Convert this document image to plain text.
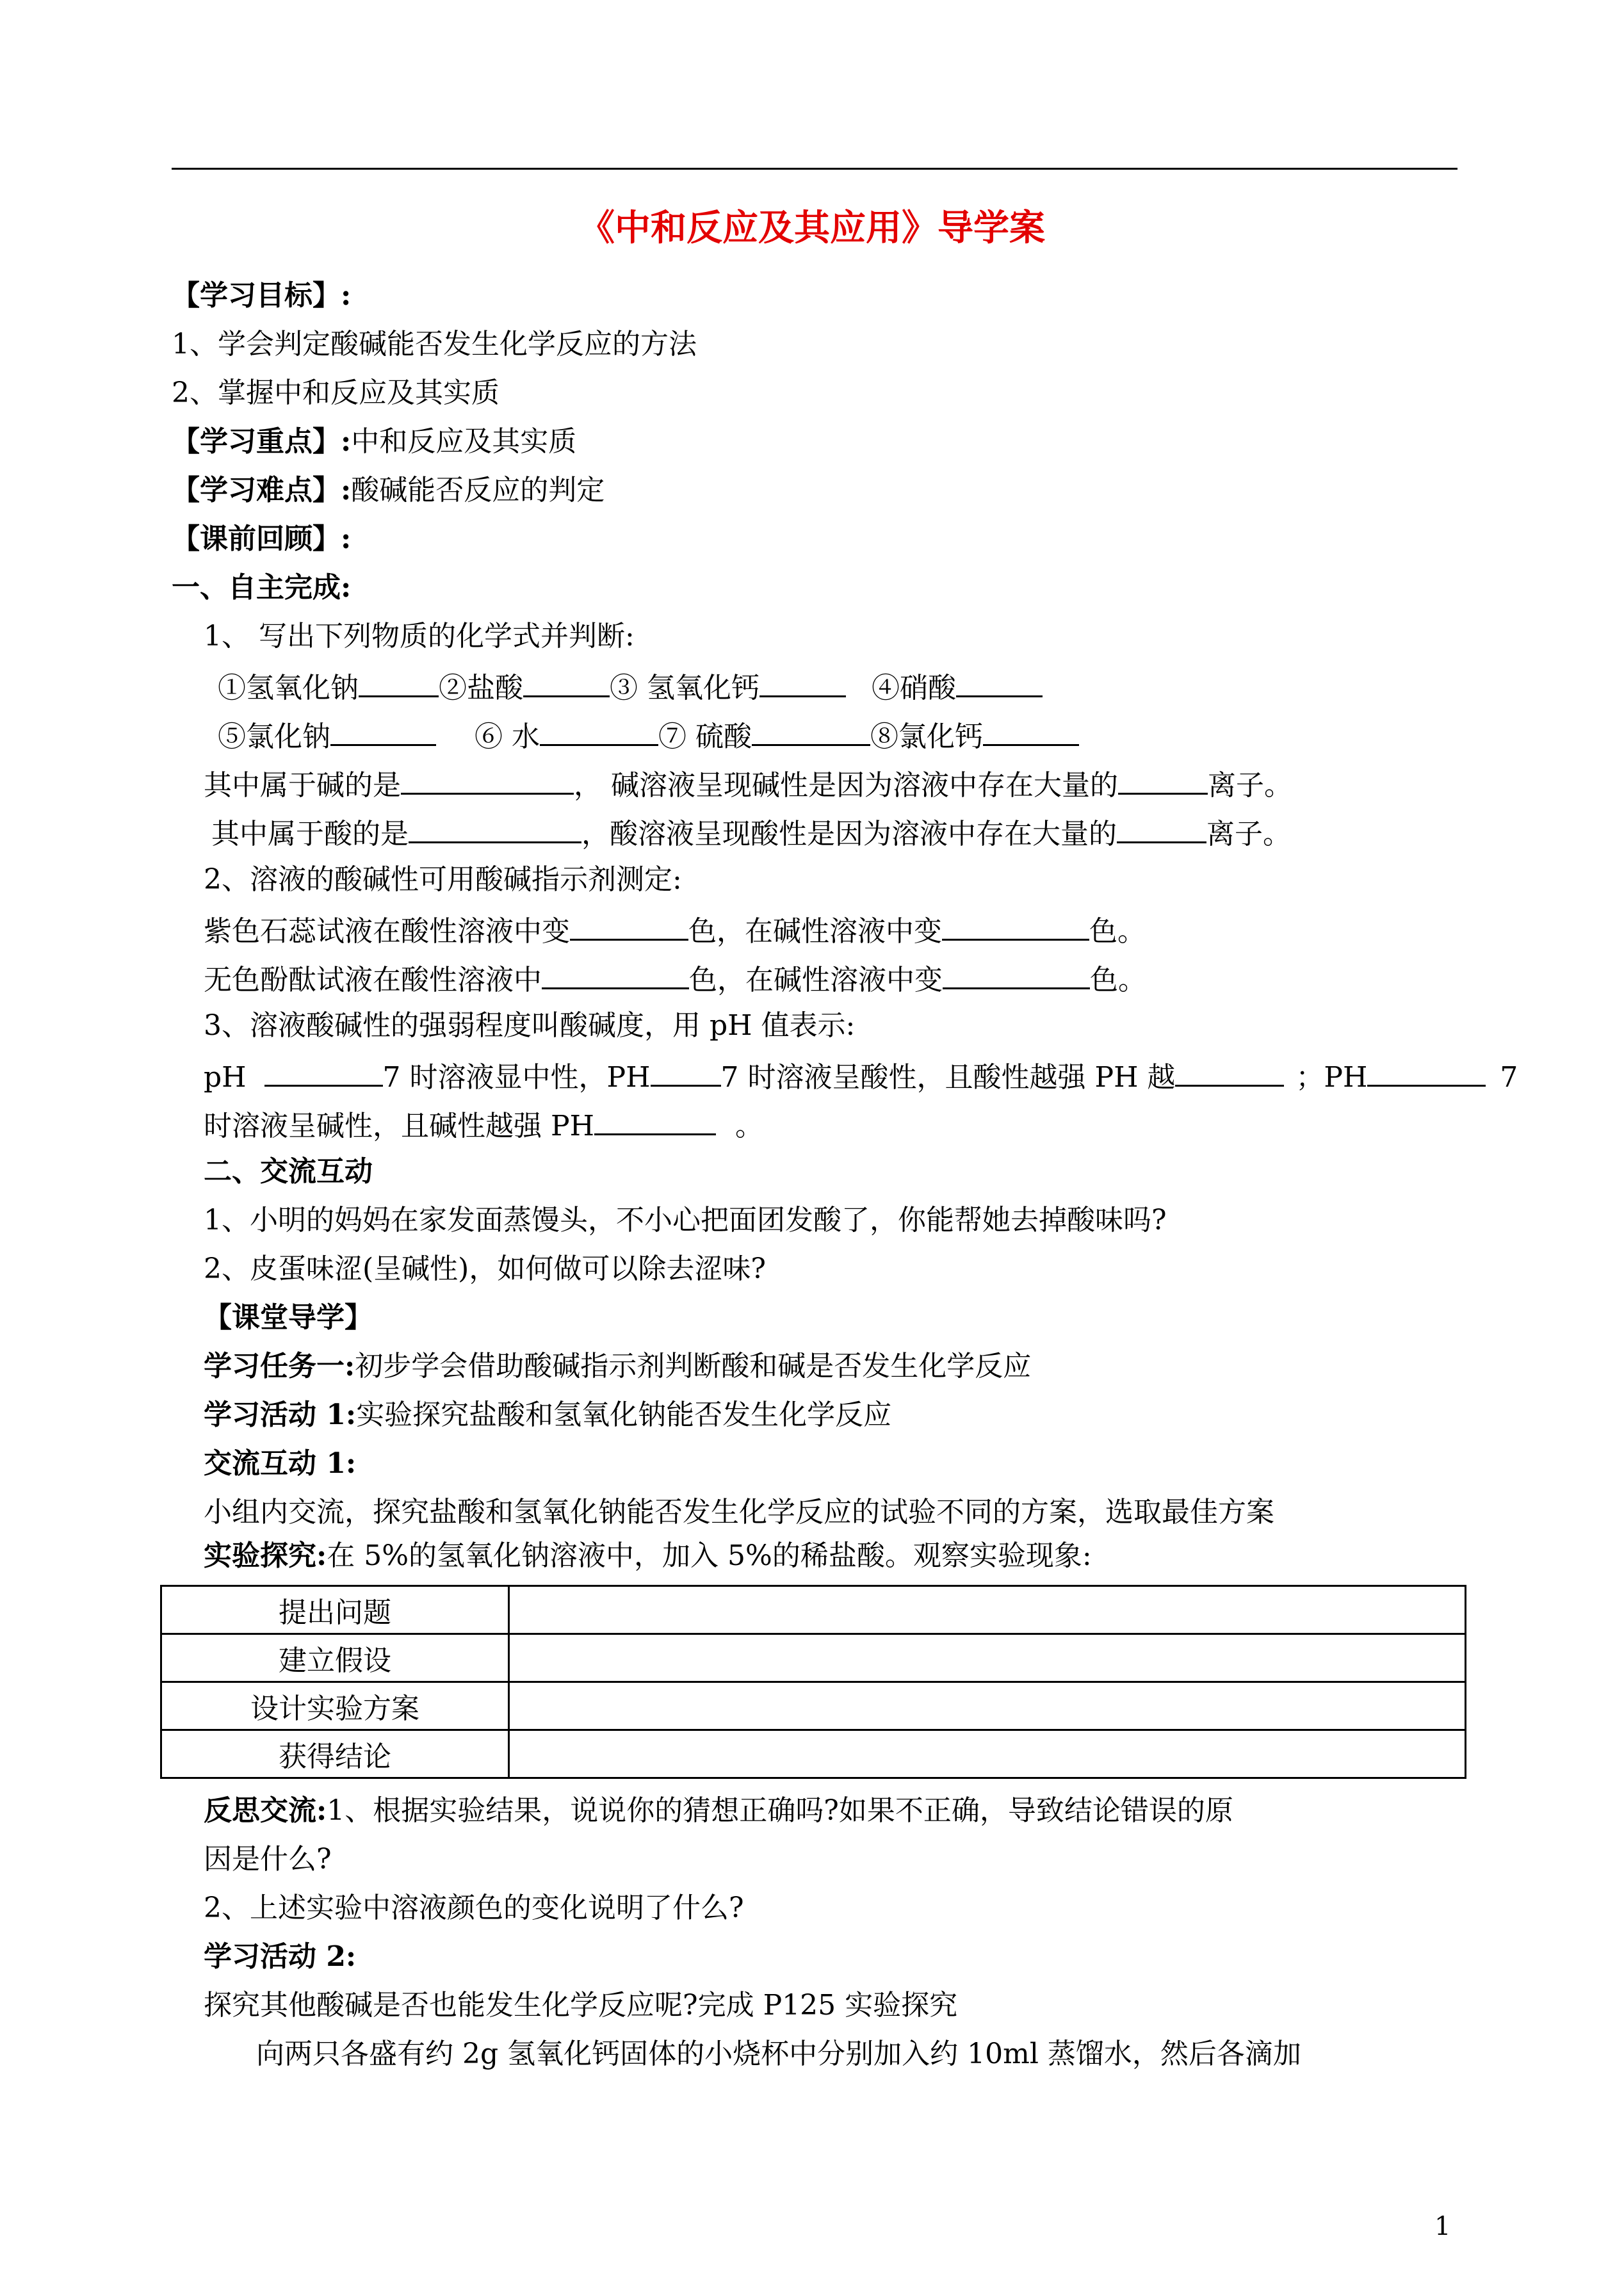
《中和反应及其应用》导学案
【学习目标】:
1、学会判定酸碱能否发生化学反应的方法
2、掌握中和反应及其实质
【学习重点】:中和反应及其实质
【学习难点】:酸碱能否反应的判定
【课前回顾】:
一、自主完成:
1、 写出下列物质的化学式并判断:
①氢氧化钠	②盐酸	③ 氢氧化钙	④硝酸
⑤氯化钠	⑥ 水	⑦ 硫酸	⑧氯化钙
其中属于碱的是	， 碱溶液呈现碱性是因为溶液中存在大量的	离子。
其中属于酸的是	，酸溶液呈现酸性是因为溶液中存在大量的	离子。
2、溶液的酸碱性可用酸碱指示剂测定:
紫色石蕊试液在酸性溶液中变	色，在碱性溶液中变	色。
无色酚酞试液在酸性溶液中	色，在碱性溶液中变	色。
3、溶液酸碱性的强弱程度叫酸碱度，用 pH 值表示:
pH	7 时溶液显中性，PH	7 时溶液呈酸性，且酸性越强 PH 越	；PH	7
时溶液呈碱性，且碱性越强 PH	。
二、交流互动
1、小明的妈妈在家发面蒸馒头，不小心把面团发酸了，你能帮她去掉酸味吗?
2、皮蛋味涩(呈碱性)，如何做可以除去涩味?
【课堂导学】
学习任务一:初步学会借助酸碱指示剂判断酸和碱是否发生化学反应
学习活动 1:实验探究盐酸和氢氧化钠能否发生化学反应
交流互动 1:
小组内交流，探究盐酸和氢氧化钠能否发生化学反应的试验不同的方案，选取最佳方案
实验探究:在 5%的氢氧化钠溶液中，加入 5%的稀盐酸。观察实验现象:
提出问题	
建立假设	
设计实验方案	
获得结论	
反思交流:1、根据实验结果，说说你的猜想正确吗?如果不正确，导致结论错误的原
因是什么?
2、上述实验中溶液颜色的变化说明了什么?
学习活动 2:
探究其他酸碱是否也能发生化学反应呢?完成 P125 实验探究
向两只各盛有约 2g 氢氧化钙固体的小烧杯中分别加入约 10ml 蒸馏水，然后各滴加
1
